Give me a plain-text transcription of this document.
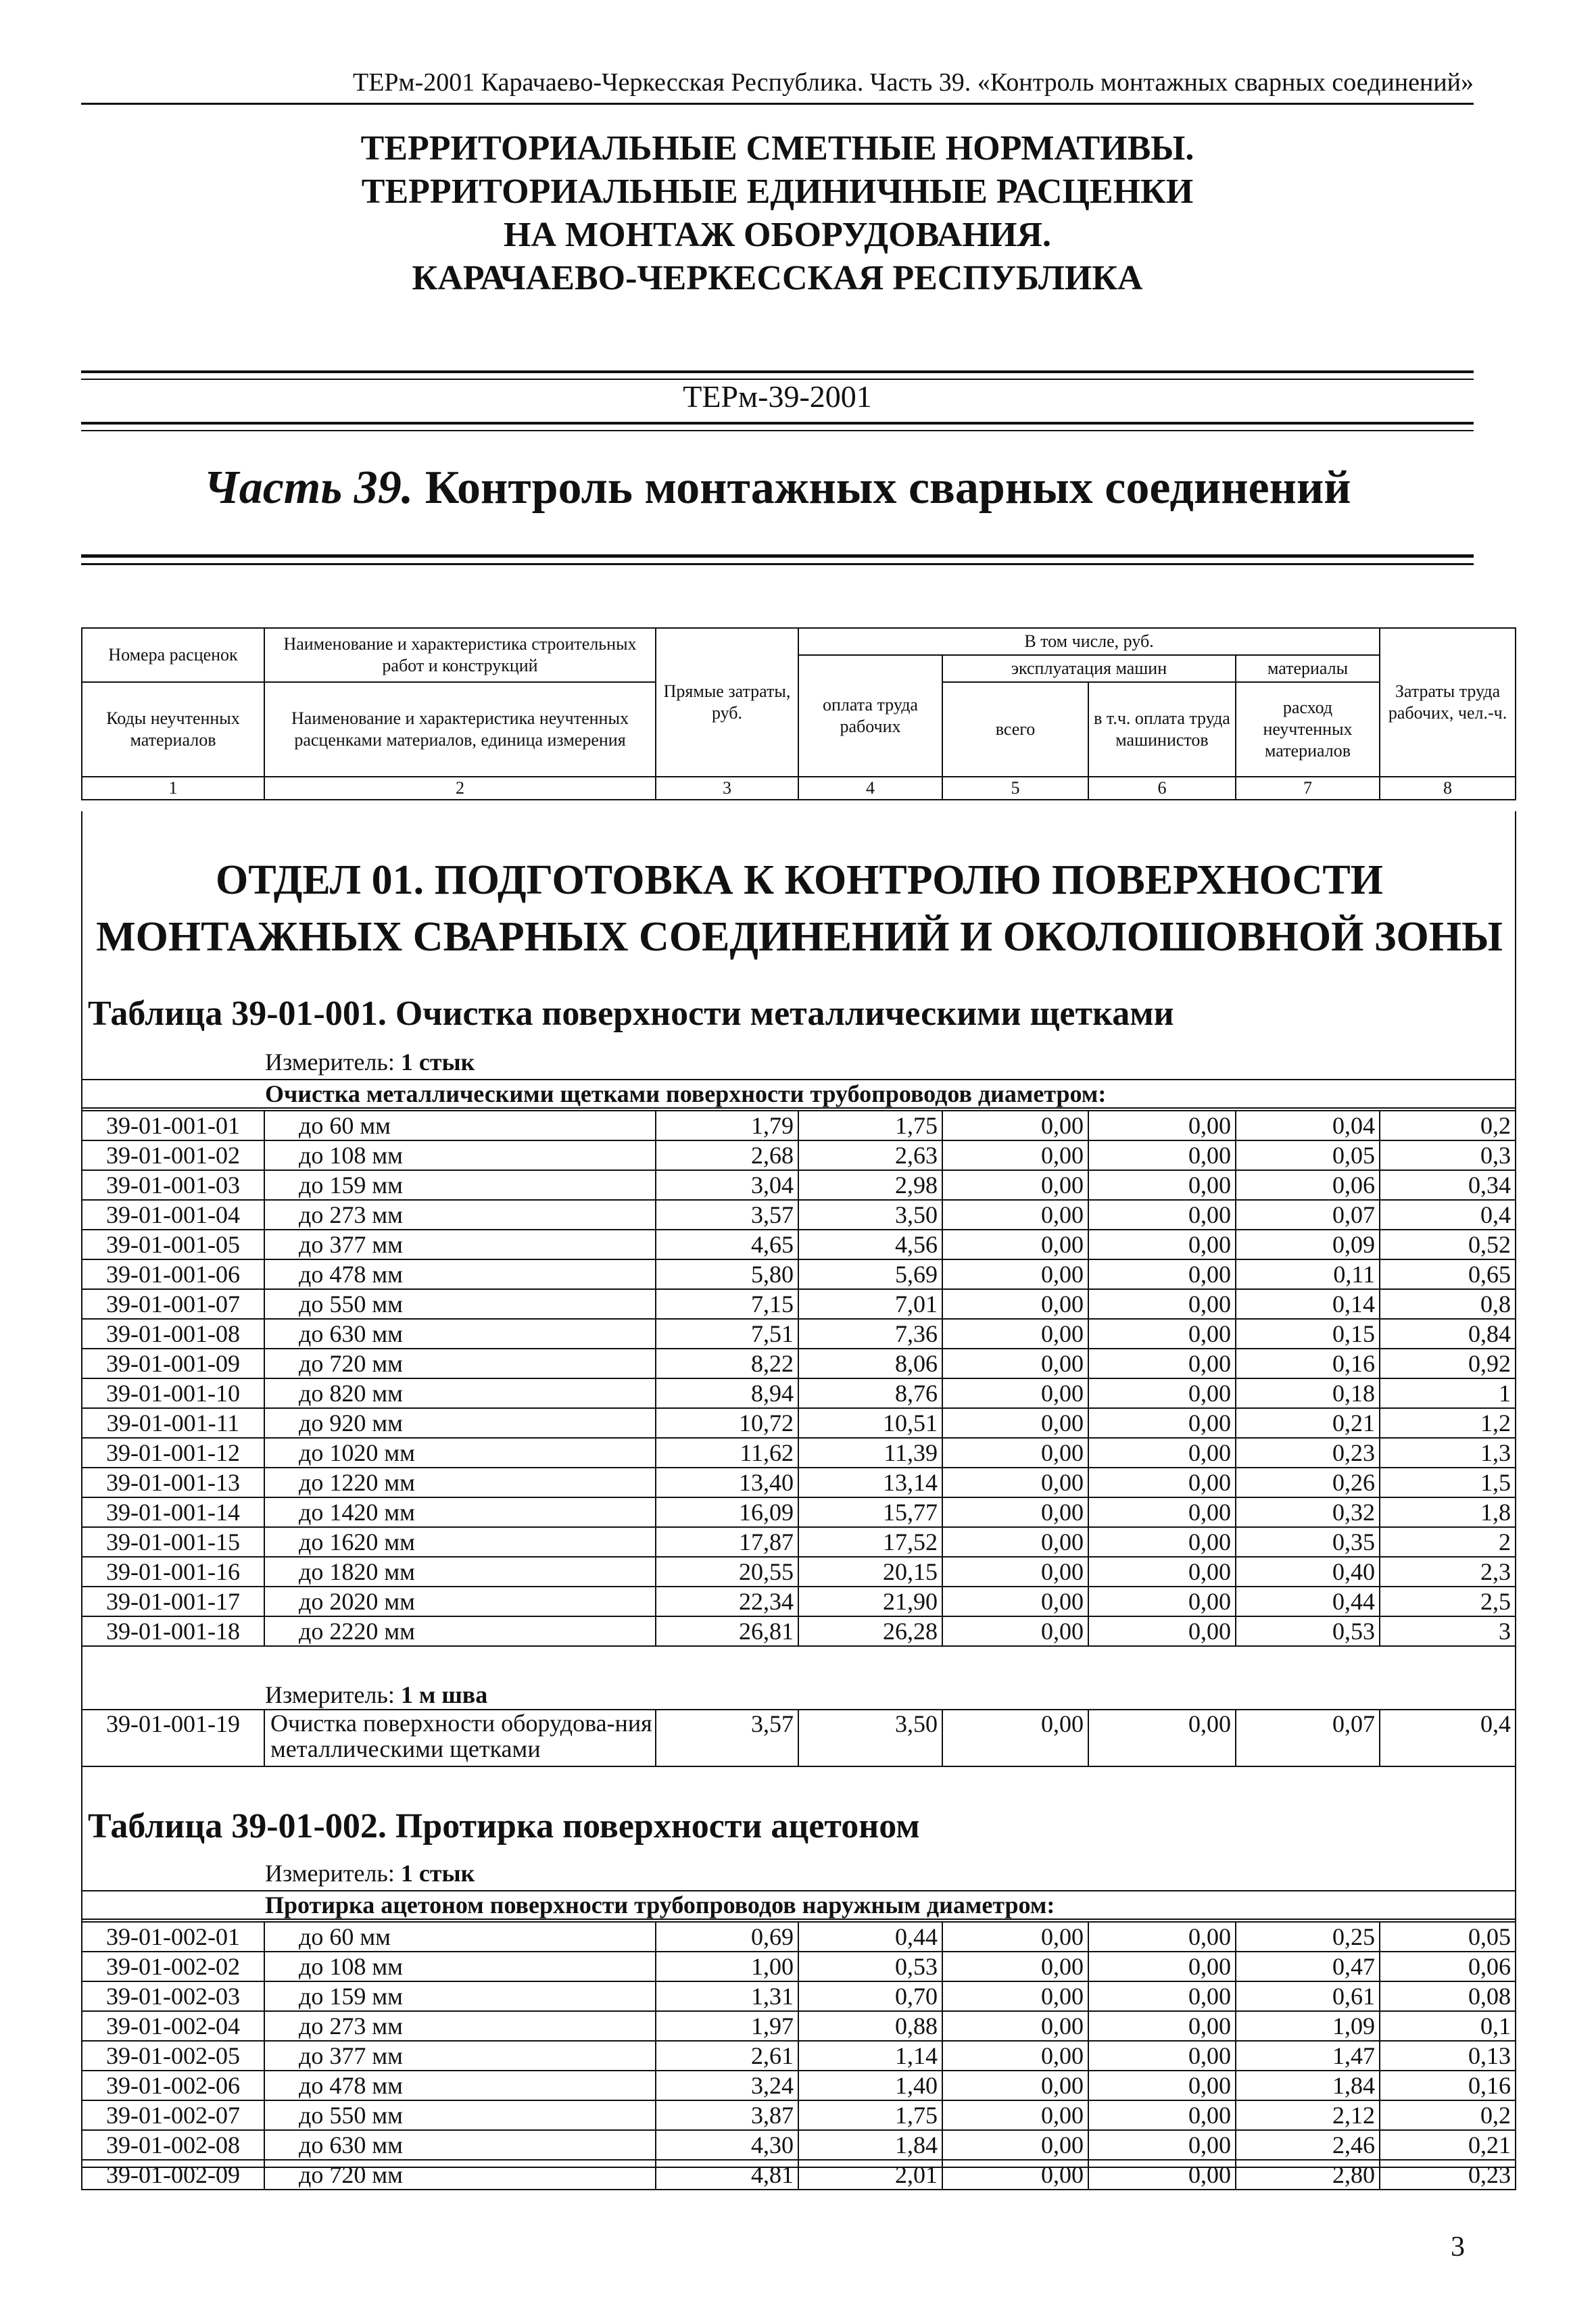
ТЕРм-2001 Карачаево-Черкесская Республика. Часть 39. «Контроль монтажных сварных соединений»
ТЕРРИТОРИАЛЬНЫЕ СМЕТНЫЕ НОРМАТИВЫ.
ТЕРРИТОРИАЛЬНЫЕ ЕДИНИЧНЫЕ РАСЦЕНКИ
НА МОНТАЖ ОБОРУДОВАНИЯ.
КАРАЧАЕВО-ЧЕРКЕССКАЯ РЕСПУБЛИКА
ТЕРм-39-2001
Часть 39. Контроль монтажных сварных соединений
Номера расценок	Наименование и характеристика строительных работ и конструкций	Прямые затраты, руб.	В том числе, руб.				Затраты труда рабочих, чел.-ч.
			оплата труда рабочих	эксплуатация машин		материалы	
Коды неучтенных материалов	Наименование и характеристика неучтенных расценками материалов, единица измерения			всего	в т.ч. оплата труда машинистов	расход неучтенных материалов	

1	2	3	4	5	6	7	8
ОТДЕЛ 01. ПОДГОТОВКА К КОНТРОЛЮ ПОВЕРХНОСТИ МОНТАЖНЫХ СВАРНЫХ СОЕДИНЕНИЙ И ОКОЛОШОВНОЙ ЗОНЫ
Таблица 39-01-001. Очистка поверхности металлическими щетками
Измеритель: 1 стык
Очистка металлическими щетками поверхности трубопроводов диаметром:
39-01-001-01	до 60 мм	1,79	1,75	0,00	0,00	0,04	0,2
39-01-001-02	до 108 мм	2,68	2,63	0,00	0,00	0,05	0,3
39-01-001-03	до 159 мм	3,04	2,98	0,00	0,00	0,06	0,34
39-01-001-04	до 273 мм	3,57	3,50	0,00	0,00	0,07	0,4
39-01-001-05	до 377 мм	4,65	4,56	0,00	0,00	0,09	0,52
39-01-001-06	до 478 мм	5,80	5,69	0,00	0,00	0,11	0,65
39-01-001-07	до 550 мм	7,15	7,01	0,00	0,00	0,14	0,8
39-01-001-08	до 630 мм	7,51	7,36	0,00	0,00	0,15	0,84
39-01-001-09	до 720 мм	8,22	8,06	0,00	0,00	0,16	0,92
39-01-001-10	до 820 мм	8,94	8,76	0,00	0,00	0,18	1
39-01-001-11	до 920 мм	10,72	10,51	0,00	0,00	0,21	1,2
39-01-001-12	до 1020 мм	11,62	11,39	0,00	0,00	0,23	1,3
39-01-001-13	до 1220 мм	13,40	13,14	0,00	0,00	0,26	1,5
39-01-001-14	до 1420 мм	16,09	15,77	0,00	0,00	0,32	1,8
39-01-001-15	до 1620 мм	17,87	17,52	0,00	0,00	0,35	2
39-01-001-16	до 1820 мм	20,55	20,15	0,00	0,00	0,40	2,3
39-01-001-17	до 2020 мм	22,34	21,90	0,00	0,00	0,44	2,5
39-01-001-18	до 2220 мм	26,81	26,28	0,00	0,00	0,53	3
Измеритель: 1 м шва
39-01-001-19	Очистка поверхности оборудова-ния металлическими щетками	3,57	3,50	0,00	0,00	0,07	0,4
Таблица 39-01-002. Протирка поверхности ацетоном
Измеритель: 1 стык
Протирка ацетоном поверхности трубопроводов наружным диаметром:
39-01-002-01	до 60 мм	0,69	0,44	0,00	0,00	0,25	0,05
39-01-002-02	до 108 мм	1,00	0,53	0,00	0,00	0,47	0,06
39-01-002-03	до 159 мм	1,31	0,70	0,00	0,00	0,61	0,08
39-01-002-04	до 273 мм	1,97	0,88	0,00	0,00	1,09	0,1
39-01-002-05	до 377 мм	2,61	1,14	0,00	0,00	1,47	0,13
39-01-002-06	до 478 мм	3,24	1,40	0,00	0,00	1,84	0,16
39-01-002-07	до 550 мм	3,87	1,75	0,00	0,00	2,12	0,2
39-01-002-08	до 630 мм	4,30	1,84	0,00	0,00	2,46	0,21
39-01-002-09	до 720 мм	4,81	2,01	0,00	0,00	2,80	0,23
3
